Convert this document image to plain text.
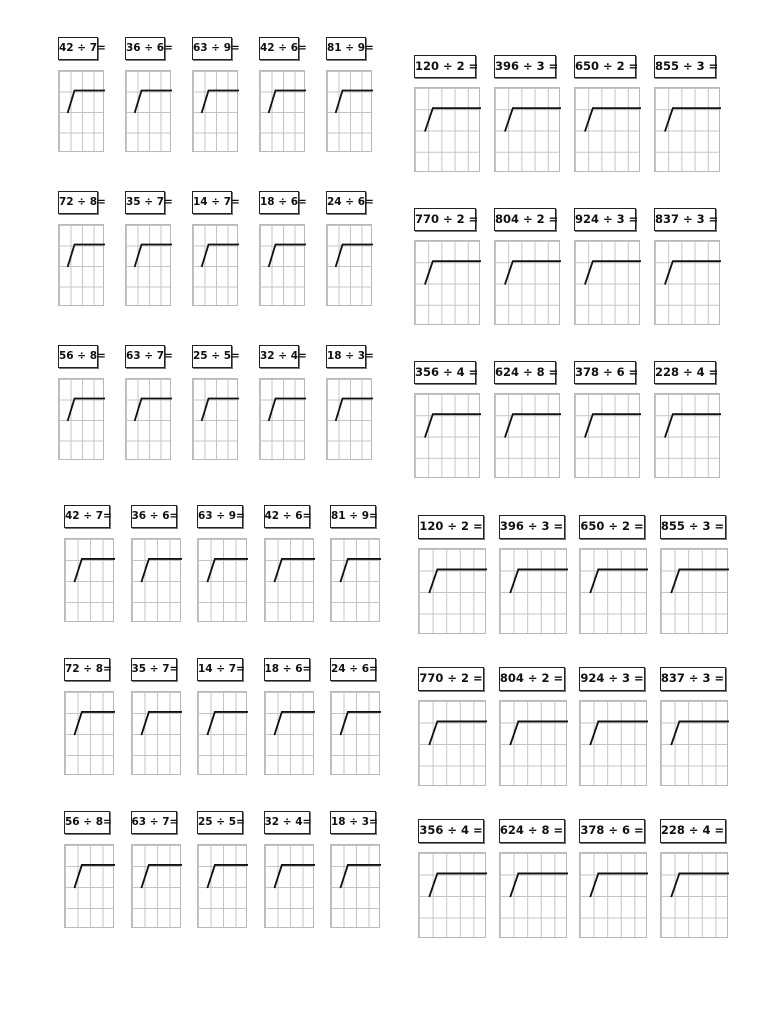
42 ÷ 7= 36 ÷ 6= 63 ÷ 9= 42 ÷ 6= 81 ÷ 9=
72 ÷ 8= 35 ÷ 7= 14 ÷ 7= 18 ÷ 6= 24 ÷ 6=
56 ÷ 8= 63 ÷ 7= 25 ÷ 5= 32 ÷ 4= 18 ÷ 3=
120 ÷ 2 = 396 ÷ 3 = 650 ÷ 2 = 855 ÷ 3 =
770 ÷ 2 = 804 ÷ 2 = 924 ÷ 3 = 837 ÷ 3 =
356 ÷ 4 = 624 ÷ 8 = 378 ÷ 6 = 228 ÷ 4 =
42 ÷ 7= 36 ÷ 6= 63 ÷ 9= 42 ÷ 6= 81 ÷ 9=
72 ÷ 8= 35 ÷ 7= 14 ÷ 7= 18 ÷ 6= 24 ÷ 6=
56 ÷ 8= 63 ÷ 7= 25 ÷ 5= 32 ÷ 4= 18 ÷ 3=
120 ÷ 2 = 396 ÷ 3 = 650 ÷ 2 = 855 ÷ 3 =
770 ÷ 2 = 804 ÷ 2 = 924 ÷ 3 = 837 ÷ 3 =
356 ÷ 4 = 624 ÷ 8 = 378 ÷ 6 = 228 ÷ 4 =
